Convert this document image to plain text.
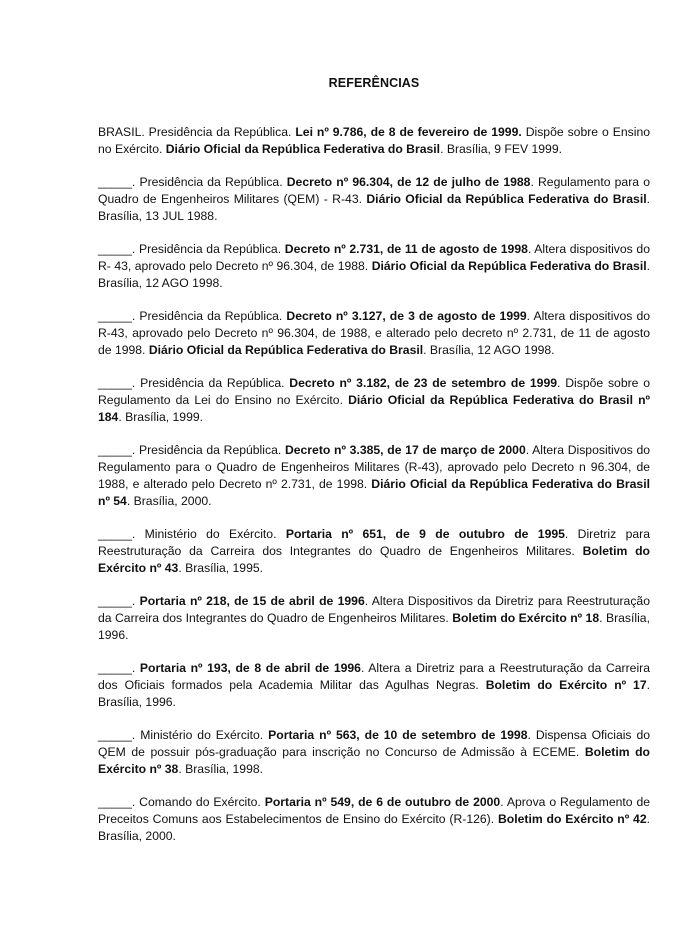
REFERÊNCIAS

BRASIL. Presidência da República. Lei nº 9.786, de 8 de fevereiro de 1999. Dispõe sobre o Ensino no Exército. Diário Oficial da República Federativa do Brasil. Brasília, 9 FEV 1999.

_____. Presidência da República. Decreto nº 96.304, de 12 de julho de 1988. Regulamento para o Quadro de Engenheiros Militares (QEM) - R-43. Diário Oficial da República Federativa do Brasil. Brasília, 13 JUL 1988.

_____. Presidência da República. Decreto nº 2.731, de 11 de agosto de 1998. Altera dispositivos do R- 43, aprovado pelo Decreto nº 96.304, de 1988. Diário Oficial da República Federativa do Brasil. Brasília, 12 AGO 1998.

_____. Presidência da República. Decreto nº 3.127, de 3 de agosto de 1999. Altera dispositivos do R-43, aprovado pelo Decreto nº 96.304, de 1988, e alterado pelo decreto nº 2.731, de 11 de agosto de 1998. Diário Oficial da República Federativa do Brasil. Brasília, 12 AGO 1998.

_____. Presidência da República. Decreto nº 3.182, de 23 de setembro de 1999. Dispõe sobre o Regulamento da Lei do Ensino no Exército. Diário Oficial da República Federativa do Brasil nº 184. Brasília, 1999.

_____. Presidência da República. Decreto nº 3.385, de 17 de março de 2000. Altera Dispositivos do Regulamento para o Quadro de Engenheiros Militares (R-43), aprovado pelo Decreto n 96.304, de 1988, e alterado pelo Decreto nº 2.731, de 1998. Diário Oficial da República Federativa do Brasil nº 54. Brasília, 2000.

_____. Ministério do Exército. Portaria nº 651, de 9 de outubro de 1995. Diretriz para Reestruturação da Carreira dos Integrantes do Quadro de Engenheiros Militares. Boletim do Exército nº 43. Brasília, 1995.

_____. Portaria nº 218, de 15 de abril de 1996. Altera Dispositivos da Diretriz para Reestruturação da Carreira dos Integrantes do Quadro de Engenheiros Militares. Boletim do Exército nº 18. Brasília, 1996.

_____. Portaria nº 193, de 8 de abril de 1996. Altera a Diretriz para a Reestruturação da Carreira dos Oficiais formados pela Academia Militar das Agulhas Negras. Boletim do Exército nº 17. Brasília, 1996.

_____. Ministério do Exército. Portaria nº 563, de 10 de setembro de 1998. Dispensa Oficiais do QEM de possuir pós-graduação para inscrição no Concurso de Admissão à ECEME. Boletim do Exército nº 38. Brasília, 1998.

_____. Comando do Exército. Portaria nº 549, de 6 de outubro de 2000. Aprova o Regulamento de Preceitos Comuns aos Estabelecimentos de Ensino do Exército (R-126). Boletim do Exército nº 42. Brasília, 2000.
